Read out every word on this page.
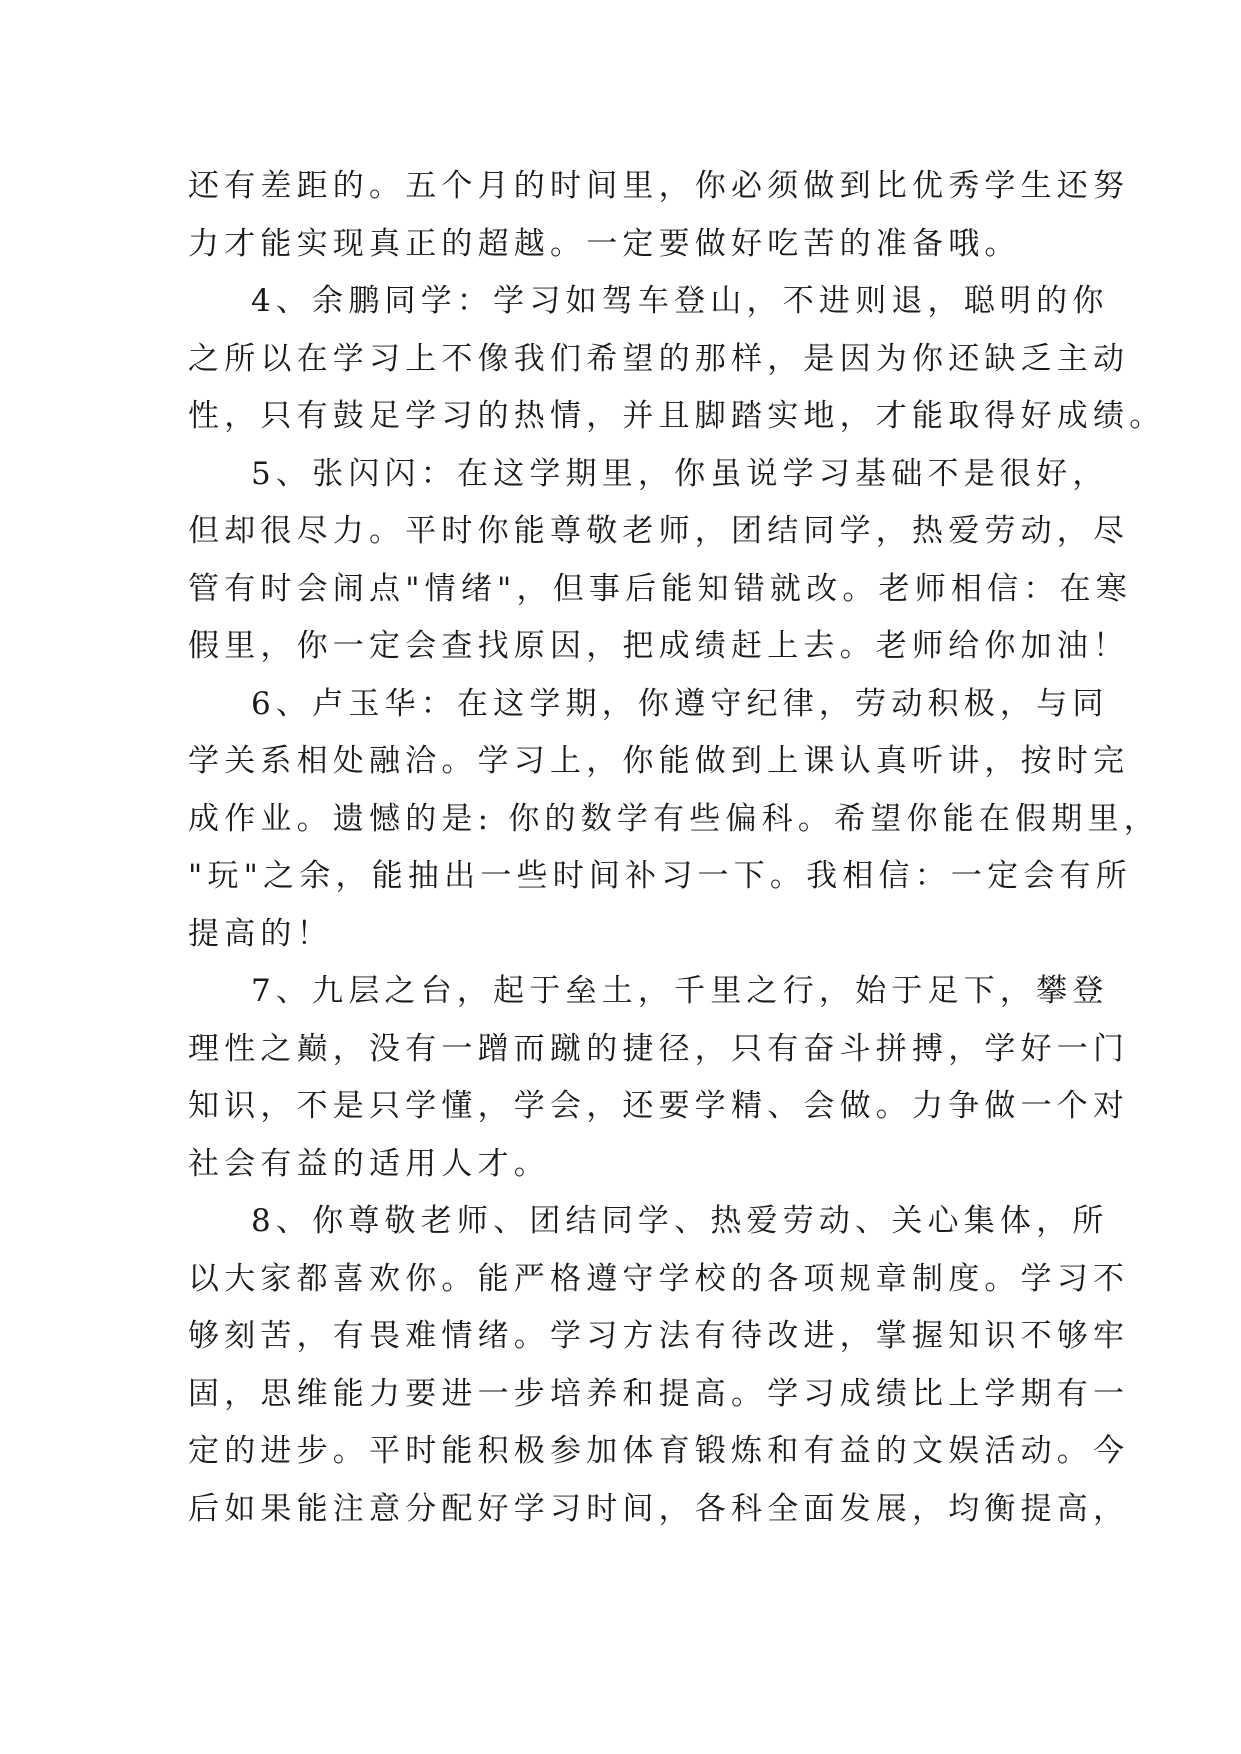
还有差距的。五个月的时间里，你必须做到比优秀学生还努
力才能实现真正的超越。一定要做好吃苦的准备哦。
4、余鹏同学：学习如驾车登山，不进则退，聪明的你
之所以在学习上不像我们希望的那样，是因为你还缺乏主动
性，只有鼓足学习的热情，并且脚踏实地，才能取得好成绩。
5、张闪闪：在这学期里，你虽说学习基础不是很好，
但却很尽力。平时你能尊敬老师，团结同学，热爱劳动，尽
管有时会闹点"情绪"，但事后能知错就改。老师相信：在寒
假里，你一定会查找原因，把成绩赶上去。老师给你加油！
6、卢玉华：在这学期，你遵守纪律，劳动积极，与同
学关系相处融洽。学习上，你能做到上课认真听讲，按时完
成作业。遗憾的是: 你的数学有些偏科。希望你能在假期里，
"玩"之余，能抽出一些时间补习一下。我相信：一定会有所
提高的！
7、九层之台，起于垒土，千里之行，始于足下，攀登
理性之巅，没有一蹭而蹴的捷径，只有奋斗拼搏，学好一门
知识，不是只学懂，学会，还要学精、会做。力争做一个对
社会有益的适用人才。
8、你尊敬老师、团结同学、热爱劳动、关心集体，所
以大家都喜欢你。能严格遵守学校的各项规章制度。学习不
够刻苦，有畏难情绪。学习方法有待改进，掌握知识不够牢
固，思维能力要进一步培养和提高。学习成绩比上学期有一
定的进步。平时能积极参加体育锻炼和有益的文娱活动。今
后如果能注意分配好学习时间，各科全面发展，均衡提高，
